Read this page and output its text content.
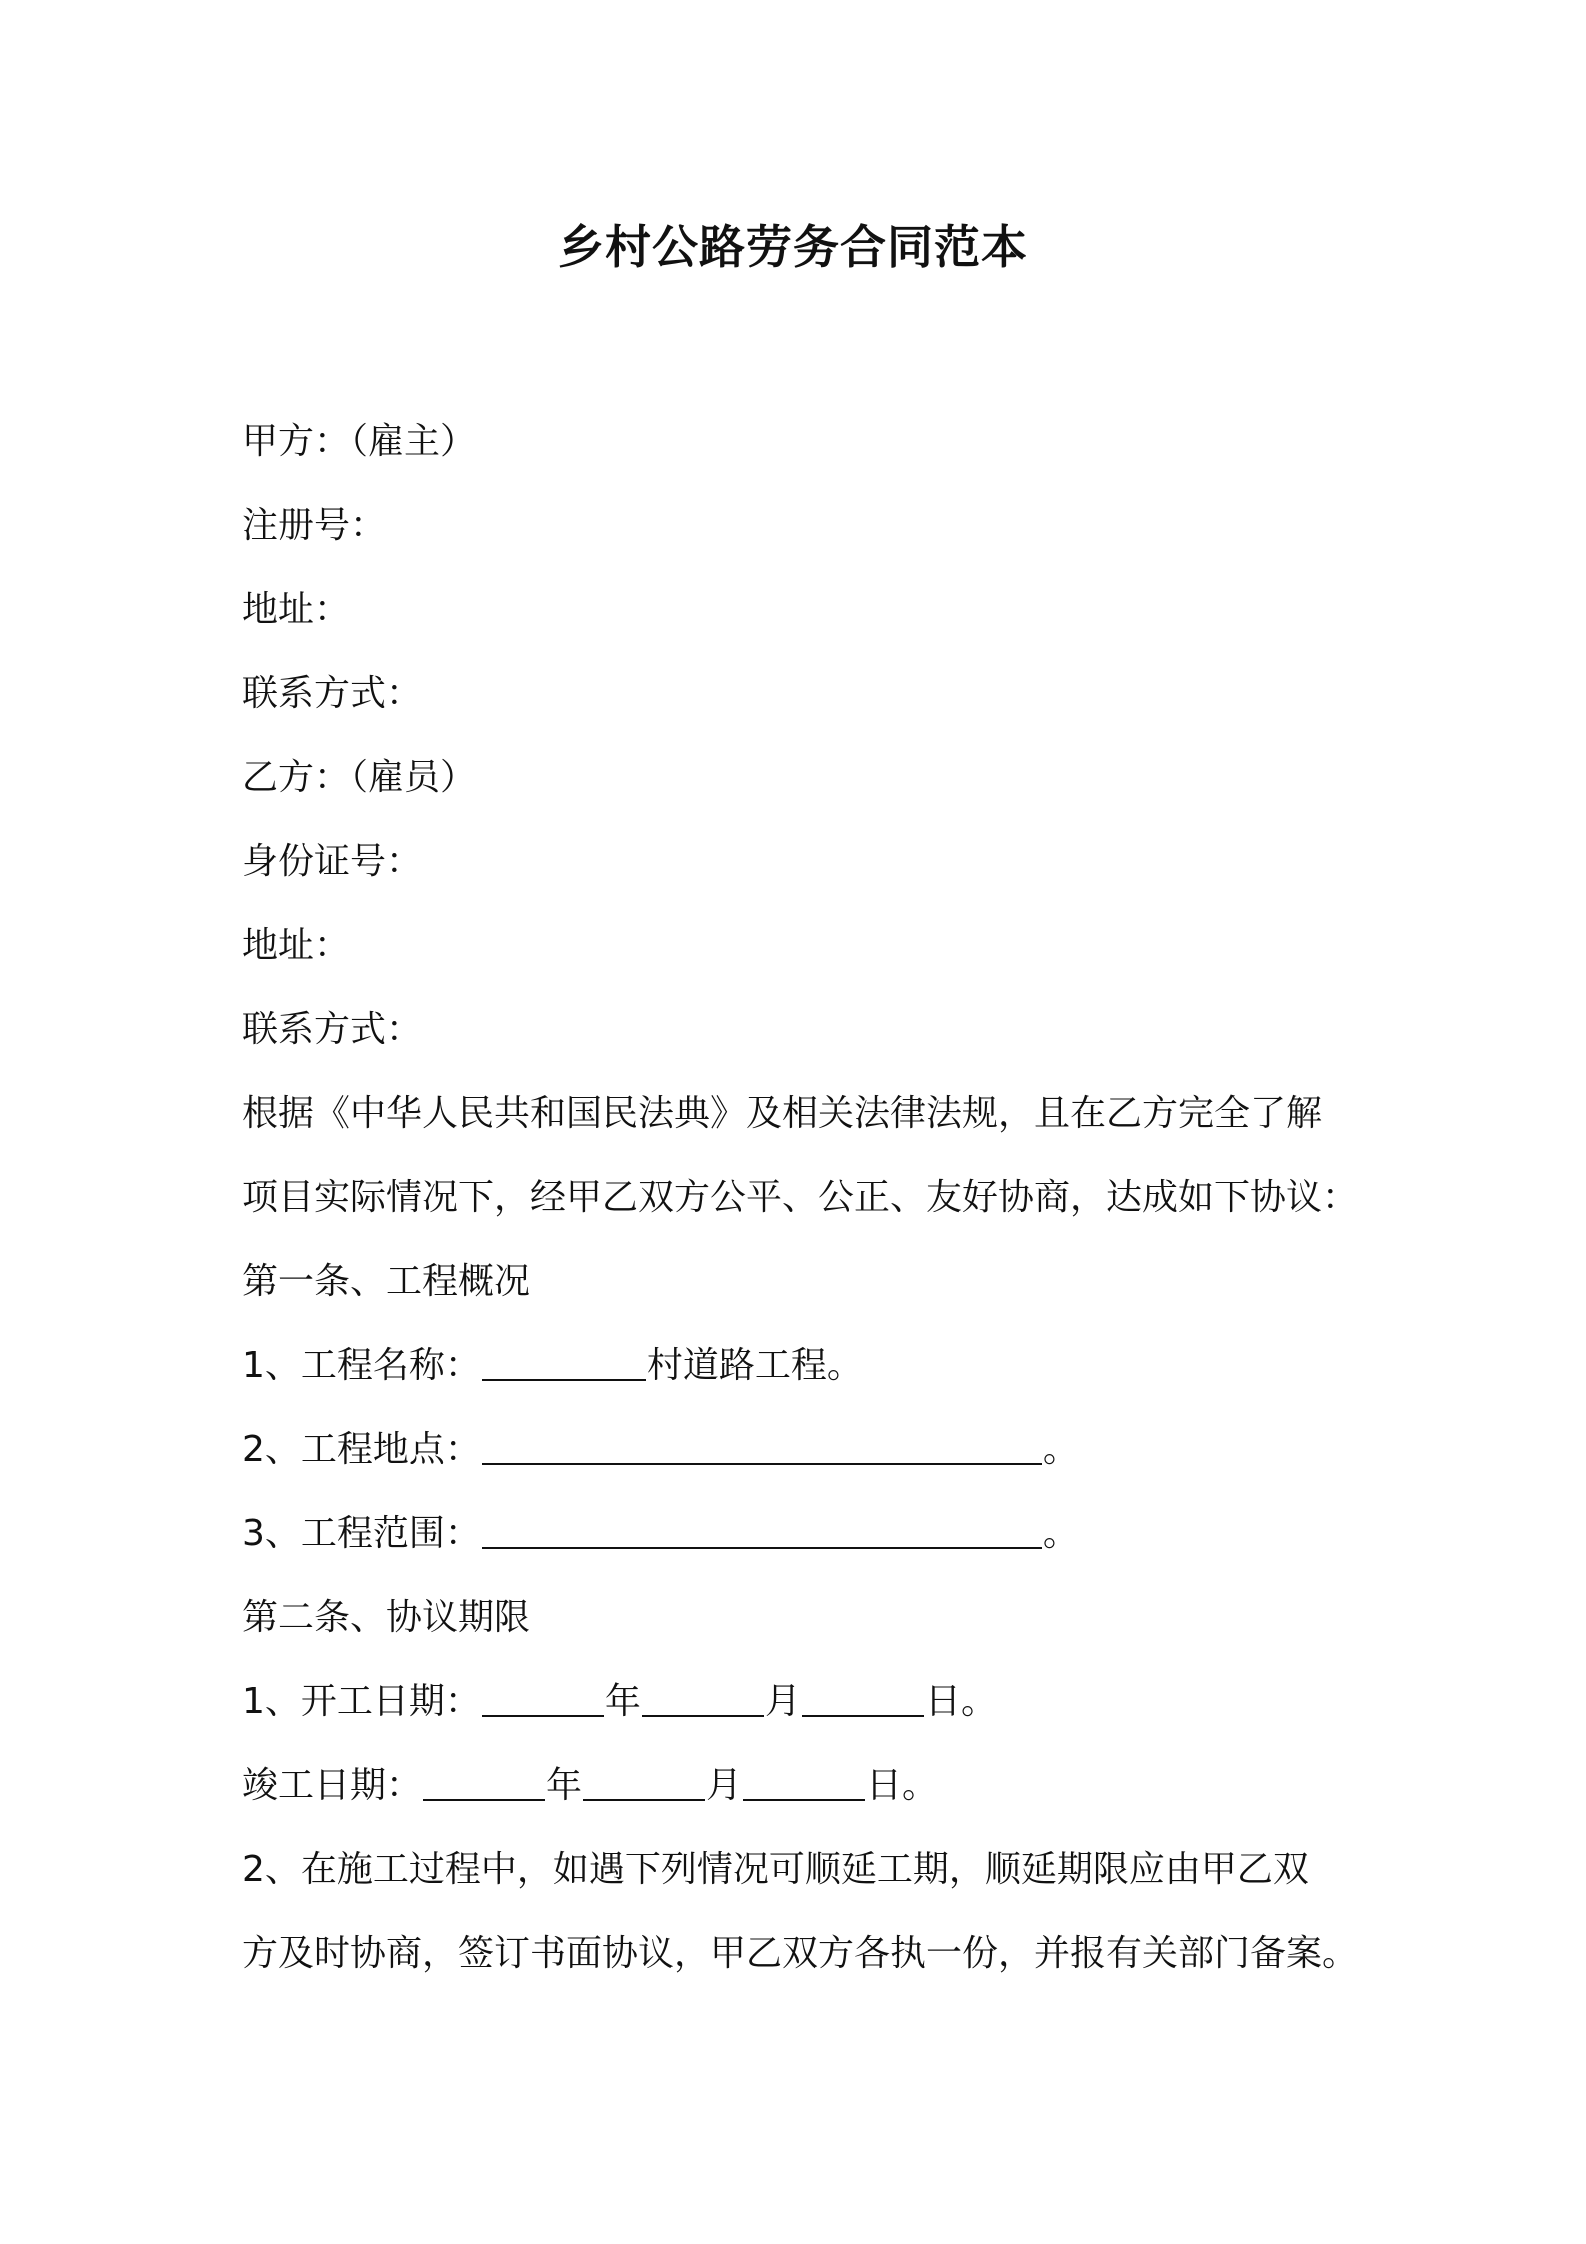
乡村公路劳务合同范本
甲方：（雇主）
注册号：
地址：
联系方式：
乙方：（雇员）
身份证号：
地址：
联系方式：
根据《中华人民共和国民法典》及相关法律法规，且在乙方完全了解
项目实际情况下，经甲乙双方公平、公正、友好协商，达成如下协议：
第一条、工程概况
1、工程名称：	村道路工程。
2、工程地点：	。
3、工程范围：	。
第二条、协议期限
1、开工日期：	年	月	日。
竣工日期：	年	月	日。
2、在施工过程中，如遇下列情况可顺延工期，顺延期限应由甲乙双
方及时协商，签订书面协议，甲乙双方各执一份，并报有关部门备案。
